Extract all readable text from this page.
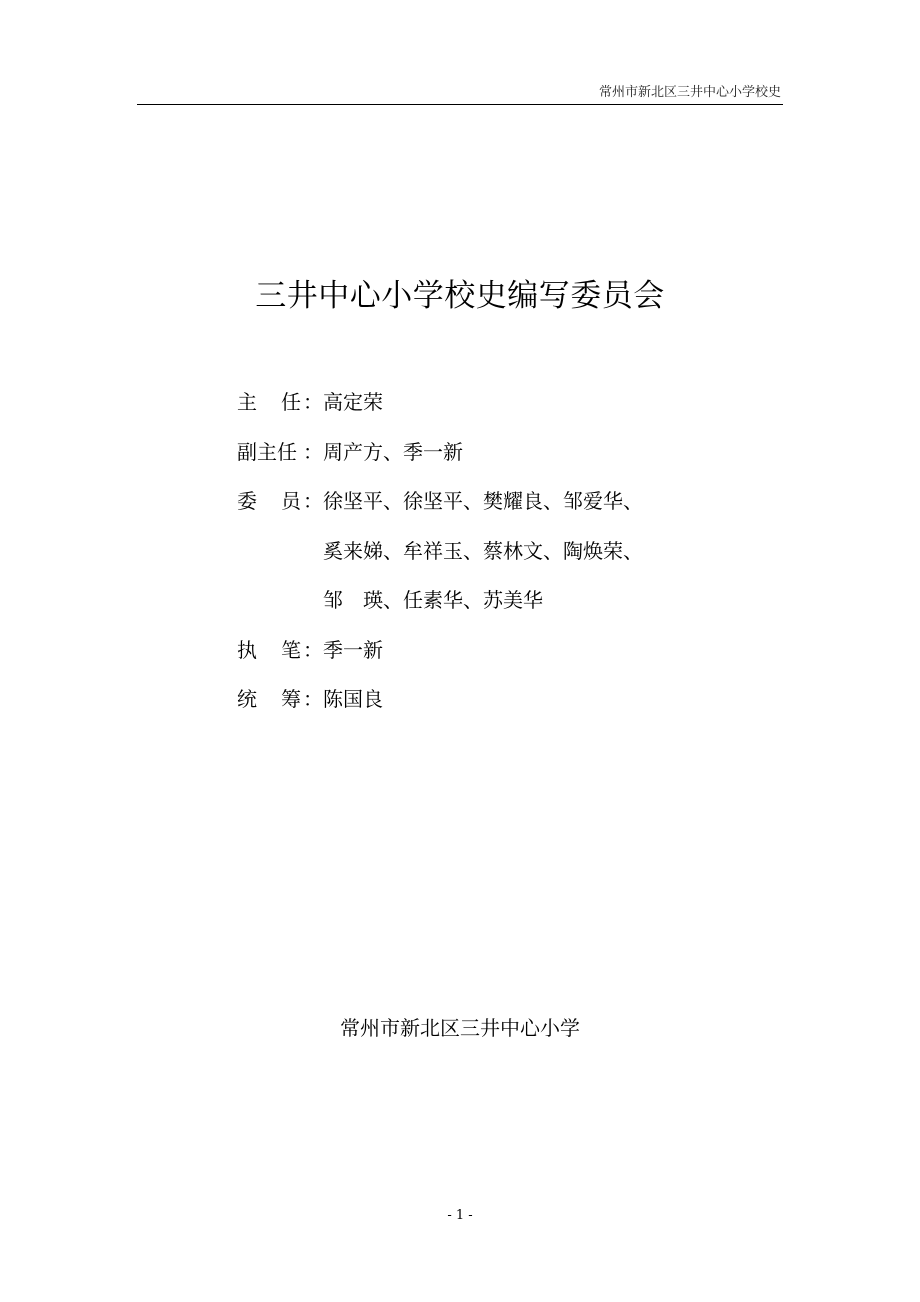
常州市新北区三井中心小学校史
三井中心小学校史编写委员会
主 任 ： 高定荣
副主任 ： 周产方、季一新
委 员 ： 徐坚平、徐坚平、樊耀良、邹爱华、
奚来娣、牟祥玉、蔡林文、陶焕荣、
邹　瑛、任素华、苏美华
执 笔 ： 季一新
统 筹 ： 陈国良
常州市新北区三井中心小学
- 1 -
